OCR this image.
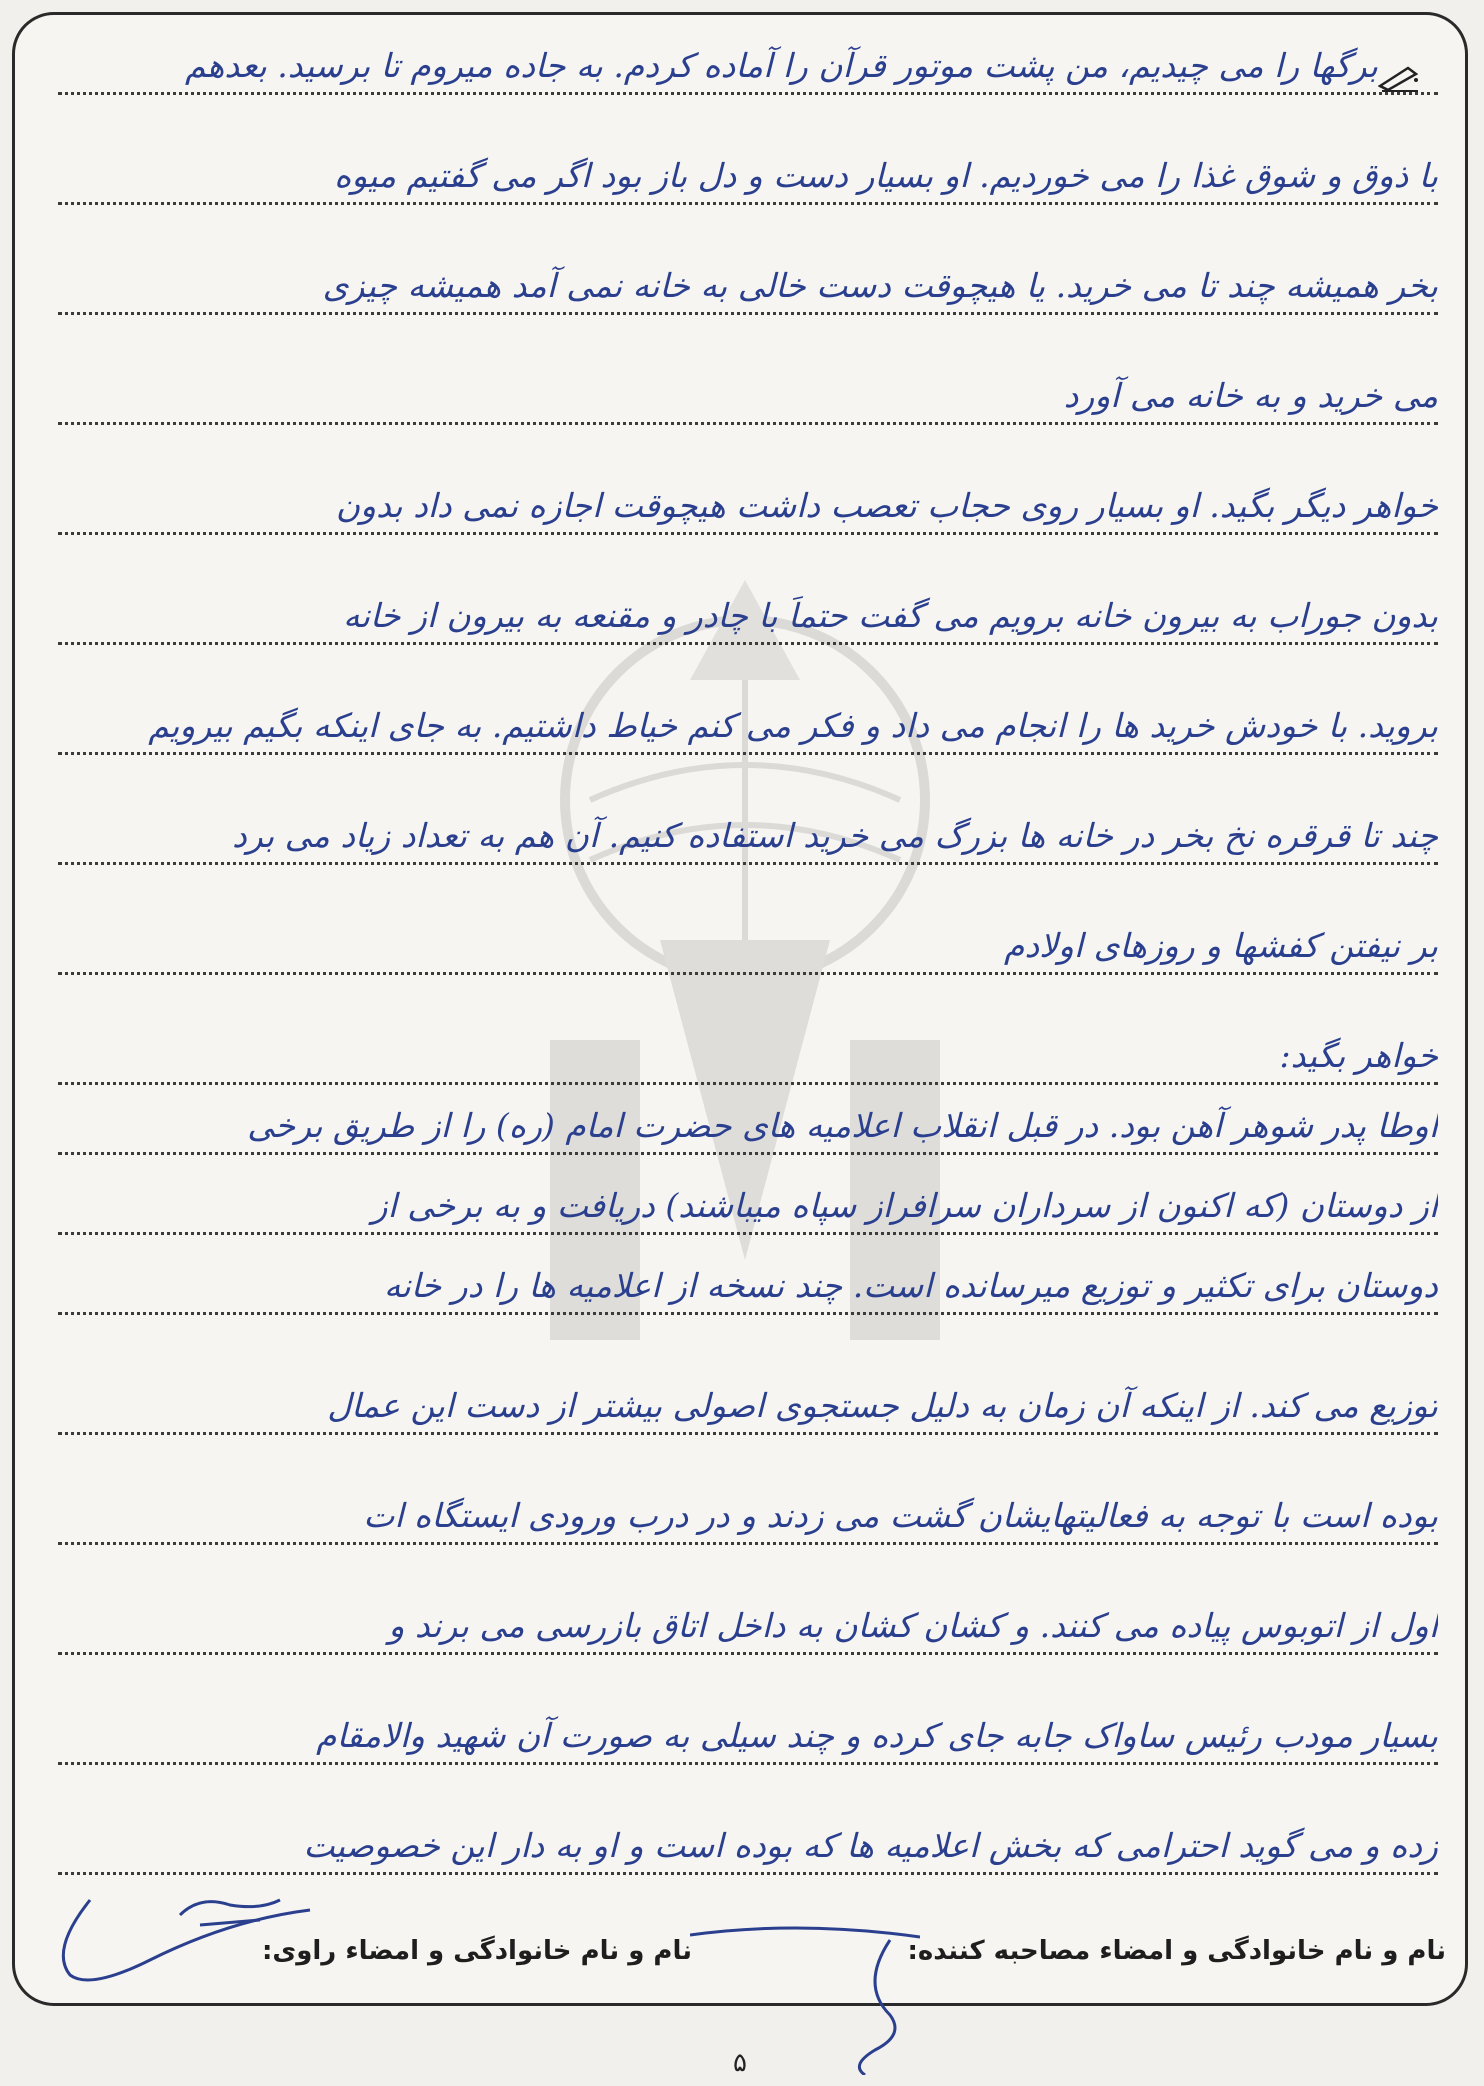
برگها را می چیدیم، من پشت موتور قرآن را آماده کردم. به جاده میروم تا برسید. بعدهم
با ذوق و شوق غذا را می خوردیم. او بسیار دست و دل باز بود اگر می گفتیم میوه
بخر همیشه چند تا می خرید. یا هیچوقت دست خالی به خانه نمی آمد همیشه چیزی
می خرید و به خانه می آورد
خواهر دیگر بگید. او بسیار روی حجاب تعصب داشت هیچوقت اجازه نمی داد بدون
بدون جوراب به بیرون خانه برویم می گفت حتماً با چادر و مقنعه به بیرون از خانه
بروید. با خودش خرید ها را انجام می داد و فکر می کنم خیاط داشتیم. به جای اینکه بگیم بیرویم
چند تا قرقره نخ بخر در خانه ها بزرگ می خرید استفاده کنیم. آن هم به تعداد زیاد می برد
بر نیفتن کفشها و روزهای اولادم
خواهر بگید:
اوطا پدر شوهر آهن بود. در قبل انقلاب اعلامیه های حضرت امام (ره) را از طریق برخی
از دوستان (که اکنون از سرداران سرافراز سپاه میباشند) دریافت و به برخی از
دوستان برای تکثیر و توزیع میرسانده است. چند نسخه از اعلامیه ها را در خانه
توزیع می کند. از اینکه آن زمان به دلیل جستجوی اصولی بیشتر از دست این عمال
بوده است با توجه به فعالیتهایشان گشت می زدند و در درب ورودی ایستگاه ات
اول از اتوبوس پیاده می کنند. و کشان کشان به داخل اتاق بازرسی می برند و
بسیار مودب رئیس ساواک جابه جای کرده و چند سیلی به صورت آن شهید والامقام
زده و می گوید احترامی که بخش اعلامیه ها که بوده است و او به دار این خصوصیت
نام و نام خانوادگی و امضاء مصاحبه کننده:
نام و نام خانوادگی و امضاء راوی:
۵
